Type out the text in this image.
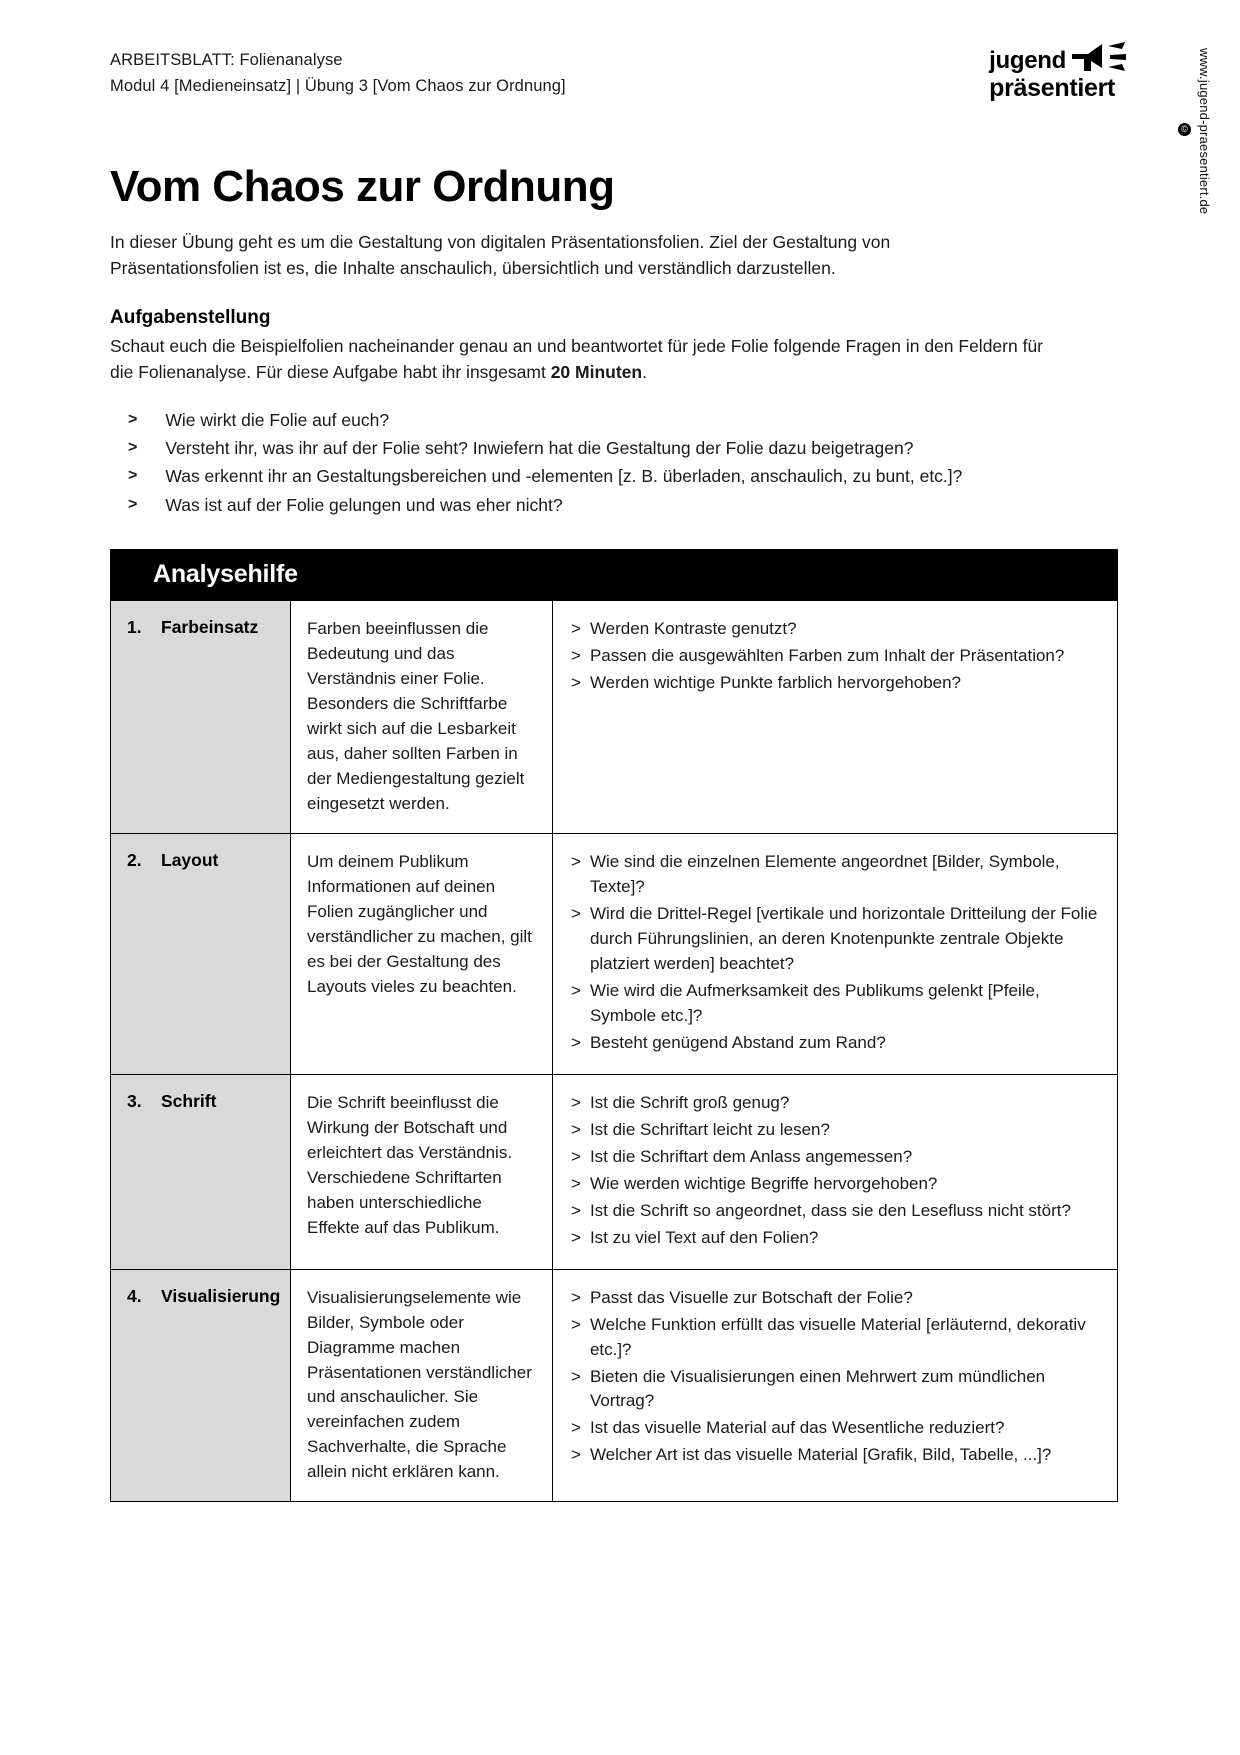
ARBEITSBLATT: Folienanalyse
Modul 4 [Medieneinsatz] | Übung 3 [Vom Chaos zur Ordnung]
jugend
präsentiert
© www.jugend-praesentiert.de
Vom Chaos zur Ordnung

In dieser Übung geht es um die Gestaltung von digitalen Präsentationsfolien. Ziel der Gestaltung von Präsentationsfolien ist es, die Inhalte anschaulich, übersichtlich und verständlich darzustellen.

Aufgabenstellung

Schaut euch die Beispielfolien nacheinander genau an und beantwortet für jede Folie folgende Fragen in den Feldern für die Folienanalyse. Für diese Aufgabe habt ihr insgesamt 20 Minuten.

> Wie wirkt die Folie auf euch?
> Versteht ihr, was ihr auf der Folie seht? Inwiefern hat die Gestaltung der Folie dazu beigetragen?
> Was erkennt ihr an Gestaltungsbereichen und -elementen [z. B. überladen, anschaulich, zu bunt, etc.]?
> Was ist auf der Folie gelungen und was eher nicht?
Analysehilfe
1. Farbeinsatz	Farben beeinflussen die Bedeutung und das Verständnis einer Folie. Besonders die Schriftfarbe wirkt sich auf die Lesbarkeit aus, daher sollten Farben in der Mediengestaltung gezielt eingesetzt werden.
> Werden Kontraste genutzt?
> Passen die ausgewählten Farben zum Inhalt der Präsentation?
> Werden wichtige Punkte farblich hervorgehoben?
2. Layout	Um deinem Publikum Informationen auf deinen Folien zugänglicher und verständlicher zu machen, gilt es bei der Gestaltung des Layouts vieles zu beachten.
> Wie sind die einzelnen Elemente angeordnet [Bilder, Symbole, Texte]?
> Wird die Drittel-Regel [vertikale und horizontale Dritteilung der Folie durch Führungslinien, an deren Knotenpunkte zentrale Objekte platziert werden] beachtet?
> Wie wird die Aufmerksamkeit des Publikums gelenkt [Pfeile, Symbole etc.]?
> Besteht genügend Abstand zum Rand?
3. Schrift	Die Schrift beeinflusst die Wirkung der Botschaft und erleichtert das Verständnis. Verschiedene Schriftarten haben unterschiedliche Effekte auf das Publikum.
> Ist die Schrift groß genug?
> Ist die Schriftart leicht zu lesen?
> Ist die Schriftart dem Anlass angemessen?
> Wie werden wichtige Begriffe hervorgehoben?
> Ist die Schrift so angeordnet, dass sie den Lesefluss nicht stört?
> Ist zu viel Text auf den Folien?
4. Visualisierung	Visualisierungselemente wie Bilder, Symbole oder Diagramme machen Präsentationen verständlicher und anschaulicher. Sie vereinfachen zudem Sachverhalte, die Sprache allein nicht erklären kann.
> Passt das Visuelle zur Botschaft der Folie?
> Welche Funktion erfüllt das visuelle Material [erläuternd, dekorativ etc.]?
> Bieten die Visualisierungen einen Mehrwert zum mündlichen Vortrag?
> Ist das visuelle Material auf das Wesentliche reduziert?
> Welcher Art ist das visuelle Material [Grafik, Bild, Tabelle, ...]?
